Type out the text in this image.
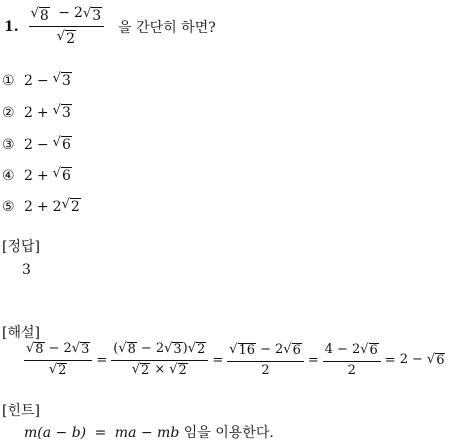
1. $\frac{√ 8 - 2 √ 3}{√ 2}$ 을 간단히 하면?
① 2 − √ 3
② 2 + √ 3
③ 2 − √ 6
④ 2 + √ 6
⑤ 2 + 2 √ 2
[정답]
3
[해설]
$\frac{√ 8 - 2 √ 3}{√ 2} = \frac{( √ 8 - 2 √ 3 ) √ 2}{√ 2 \times √ 2} = \frac{√ 16 - 2 √ 6}{2} = \frac{4 - 2 √ 6}{2} = 2$ − √ 6
[힌트]
m(a − b) = ma − mb 임을 이용한다.
